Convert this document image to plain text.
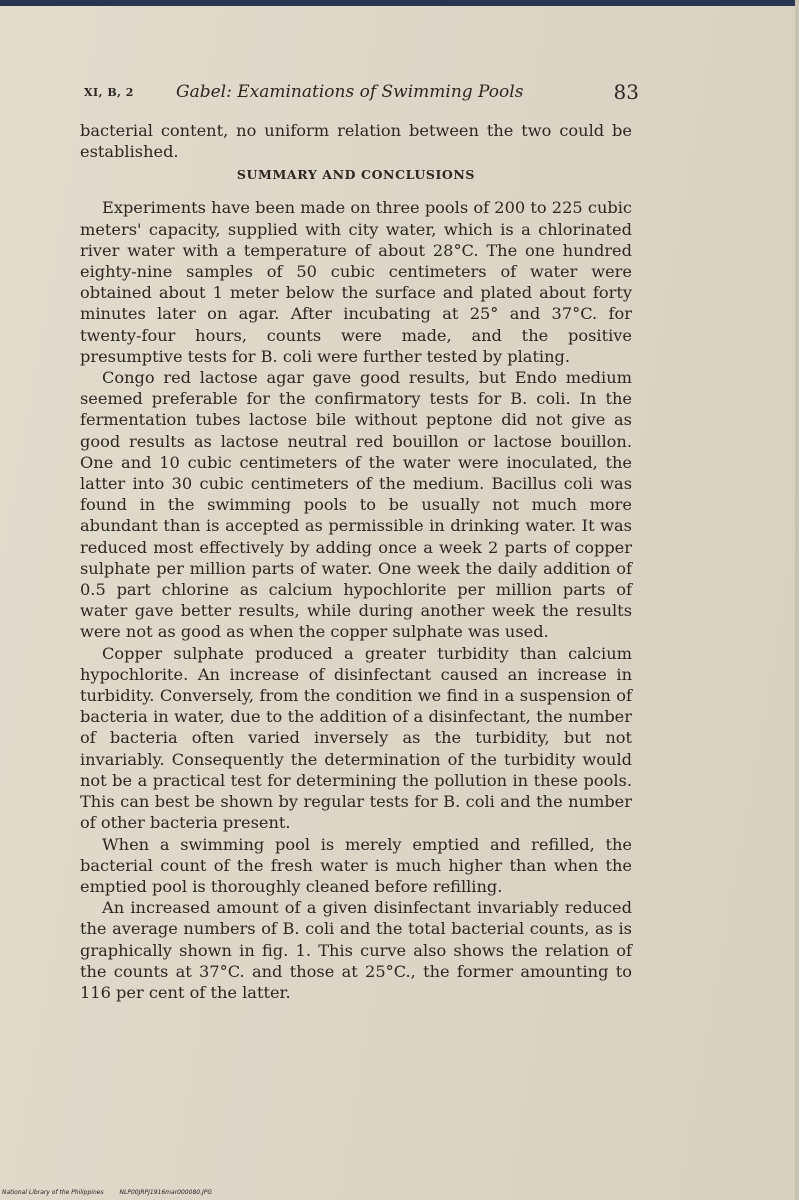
XI, B, 2 Gabel: Examinations of Swimming Pools	83

bacterial content, no uniform relation between the two could be established.

SUMMARY AND CONCLUSIONS

Experiments have been made on three pools of 200 to 225 cubic meters' capacity, supplied with city water, which is a chlorinated river water with a temperature of about 28°C. The one hundred eighty-nine samples of 50 cubic centimeters of water were obtained about 1 meter below the surface and plated about forty minutes later on agar. After incubating at 25° and 37°C. for twenty-four hours, counts were made, and the positive presumptive tests for B. coli were further tested by plating.

Congo red lactose agar gave good results, but Endo medium seemed preferable for the confirmatory tests for B. coli. In the fermentation tubes lactose bile without peptone did not give as good results as lactose neutral red bouillon or lactose bouillon. One and 10 cubic centimeters of the water were inoculated, the latter into 30 cubic centimeters of the medium. Bacillus coli was found in the swimming pools to be usually not much more abundant than is accepted as permissible in drinking water. It was reduced most effectively by adding once a week 2 parts of copper sulphate per million parts of water. One week the daily addition of 0.5 part chlorine as calcium hypochlorite per million parts of water gave better results, while during another week the results were not as good as when the copper sulphate was used.

Copper sulphate produced a greater turbidity than calcium hypochlorite. An increase of disinfectant caused an increase in turbidity. Conversely, from the condition we find in a suspension of bacteria in water, due to the addition of a disinfectant, the number of bacteria often varied inversely as the turbidity, but not invariably. Consequently the determination of the turbidity would not be a practical test for determining the pollution in these pools. This can best be shown by regular tests for B. coli and the number of other bacteria present.

When a swimming pool is merely emptied and refilled, the bacterial count of the fresh water is much higher than when the emptied pool is thoroughly cleaned before refilling.

An increased amount of a given disinfectant invariably reduced the average numbers of B. coli and the total bacterial counts, as is graphically shown in fig. 1. This curve also shows the relation of the counts at 37°C. and those at 25°C., the former amounting to 116 per cent of the latter.

National Library of the Philippines	NLP00JRPJ1916mar000080.JPG
